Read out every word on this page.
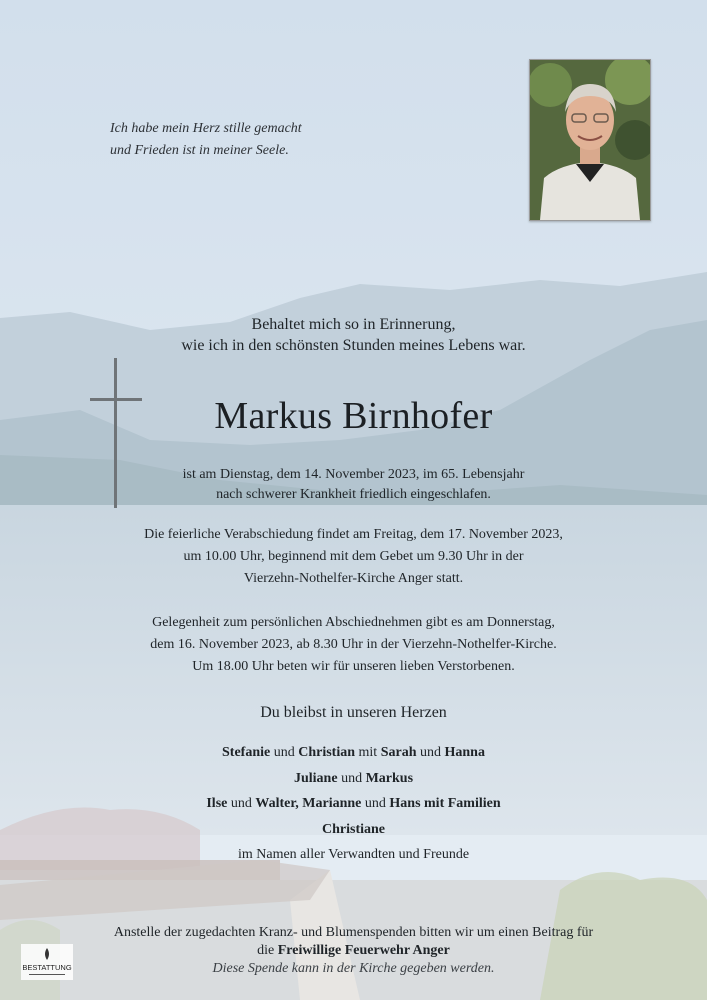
Ich habe mein Herz stille gemacht
und Frieden ist in meiner Seele.
Behaltet mich so in Erinnerung,
wie ich in den schönsten Stunden meines Lebens war.
Markus Birnhofer
ist am Dienstag, dem 14. November 2023, im 65. Lebensjahr
nach schwerer Krankheit friedlich eingeschlafen.
Die feierliche Verabschiedung findet am Freitag, dem 17. November 2023,
um 10.00 Uhr, beginnend mit dem Gebet um 9.30 Uhr in der
Vierzehn-Nothelfer-Kirche Anger statt.
Gelegenheit zum persönlichen Abschiednehmen gibt es am Donnerstag,
dem 16. November 2023, ab 8.30 Uhr in der Vierzehn-Nothelfer-Kirche.
Um 18.00 Uhr beten wir für unseren lieben Verstorbenen.
Du bleibst in unseren Herzen
Stefanie und Christian mit Sarah und Hanna
Juliane und Markus
Ilse und Walter, Marianne und Hans mit Familien
Christiane
im Namen aller Verwandten und Freunde
Anstelle der zugedachten Kranz- und Blumenspenden bitten wir um einen Beitrag für
die Freiwillige Feuerwehr Anger
Diese Spende kann in der Kirche gegeben werden.
BESTATTUNG
